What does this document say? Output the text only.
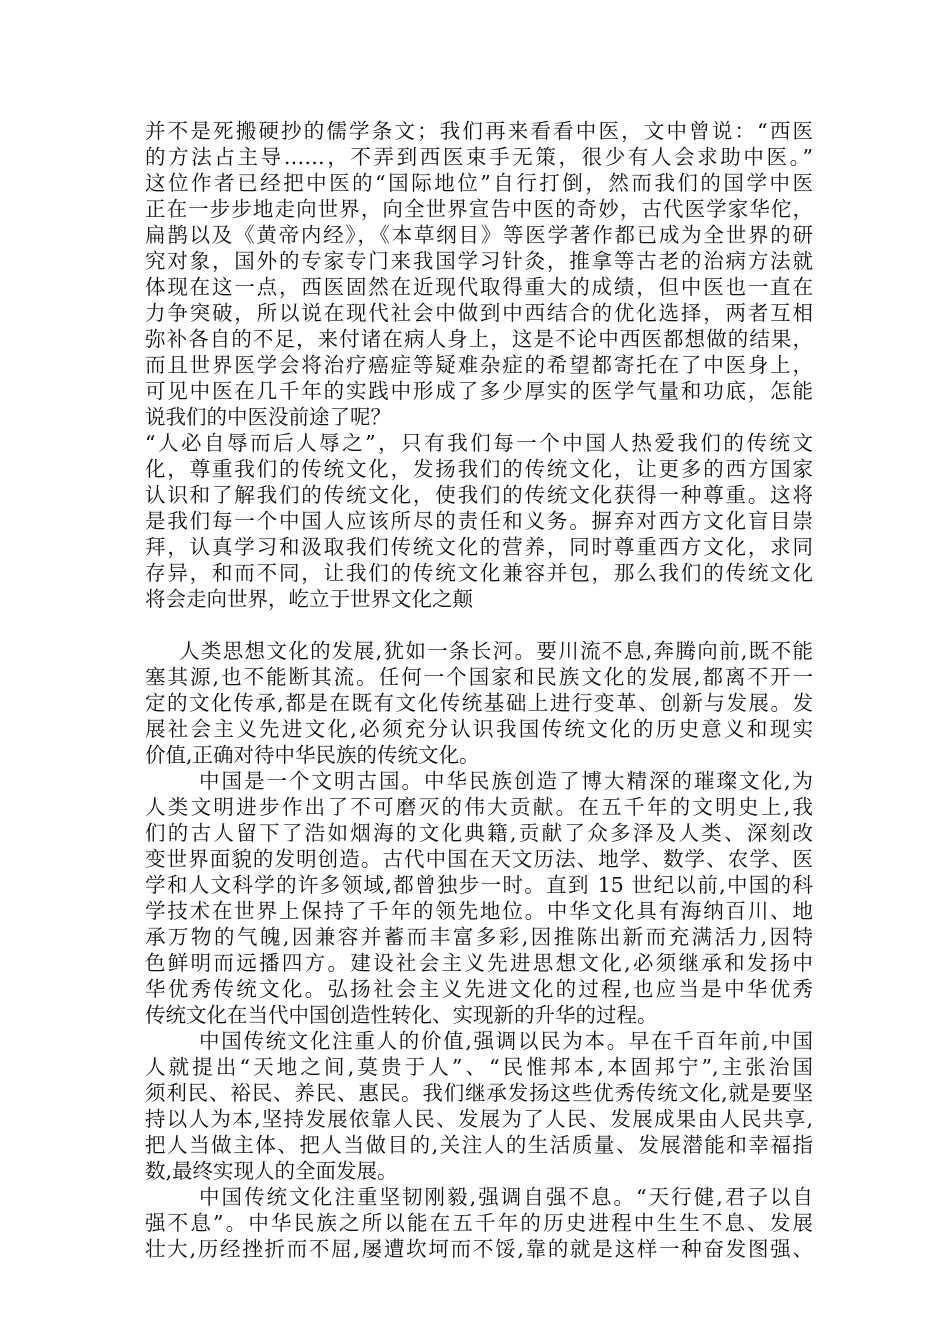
并不是死搬硬抄的儒学条文；我们再来看看中医，文中曾说：“西医
的方法占主导……，不弄到西医束手无策，很少有人会求助中医。”
这位作者已经把中医的“国际地位”自行打倒，然而我们的国学中医
正在一步步地走向世界，向全世界宣告中医的奇妙，古代医学家华佗，
扁鹊以及《黄帝内经》，《本草纲目》等医学著作都已成为全世界的研
究对象，国外的专家专门来我国学习针灸，推拿等古老的治病方法就
体现在这一点，西医固然在近现代取得重大的成绩，但中医也一直在
力争突破，所以说在现代社会中做到中西结合的优化选择，两者互相
弥补各自的不足，来付诸在病人身上，这是不论中西医都想做的结果，
而且世界医学会将治疗癌症等疑难杂症的希望都寄托在了中医身上，
可见中医在几千年的实践中形成了多少厚实的医学气量和功底，怎能
说我们的中医没前途了呢？
“人必自辱而后人辱之”，只有我们每一个中国人热爱我们的传统文
化，尊重我们的传统文化，发扬我们的传统文化，让更多的西方国家
认识和了解我们的传统文化，使我们的传统文化获得一种尊重。这将
是我们每一个中国人应该所尽的责任和义务。摒弃对西方文化盲目崇
拜，认真学习和汲取我们传统文化的营养，同时尊重西方文化，求同
存异，和而不同，让我们的传统文化兼容并包，那么我们的传统文化
将会走向世界，屹立于世界文化之颠
人类思想文化的发展,犹如一条长河。要川流不息,奔腾向前,既不能
塞其源,也不能断其流。任何一个国家和民族文化的发展,都离不开一
定的文化传承,都是在既有文化传统基础上进行变革、创新与发展。发
展社会主义先进文化,必须充分认识我国传统文化的历史意义和现实
价值,正确对待中华民族的传统文化。
中国是一个文明古国。中华民族创造了博大精深的璀璨文化,为
人类文明进步作出了不可磨灭的伟大贡献。在五千年的文明史上,我
们的古人留下了浩如烟海的文化典籍,贡献了众多泽及人类、深刻改
变世界面貌的发明创造。古代中国在天文历法、地学、数学、农学、医
学和人文科学的许多领域,都曾独步一时。直到 15 世纪以前,中国的科
学技术在世界上保持了千年的领先地位。中华文化具有海纳百川、地
承万物的气魄,因兼容并蓄而丰富多彩,因推陈出新而充满活力,因特
色鲜明而远播四方。建设社会主义先进思想文化,必须继承和发扬中
华优秀传统文化。弘扬社会主义先进文化的过程,也应当是中华优秀
传统文化在当代中国创造性转化、实现新的升华的过程。
中国传统文化注重人的价值,强调以民为本。早在千百年前,中国
人就提出“天地之间,莫贵于人”、“民惟邦本,本固邦宁”,主张治国
须利民、裕民、养民、惠民。我们继承发扬这些优秀传统文化,就是要坚
持以人为本,坚持发展依靠人民、发展为了人民、发展成果由人民共享,
把人当做主体、把人当做目的,关注人的生活质量、发展潜能和幸福指
数,最终实现人的全面发展。
中国传统文化注重坚韧刚毅,强调自强不息。“天行健,君子以自
强不息”。中华民族之所以能在五千年的历史进程中生生不息、发展
壮大,历经挫折而不屈,屡遭坎坷而不馁,靠的就是这样一种奋发图强、
